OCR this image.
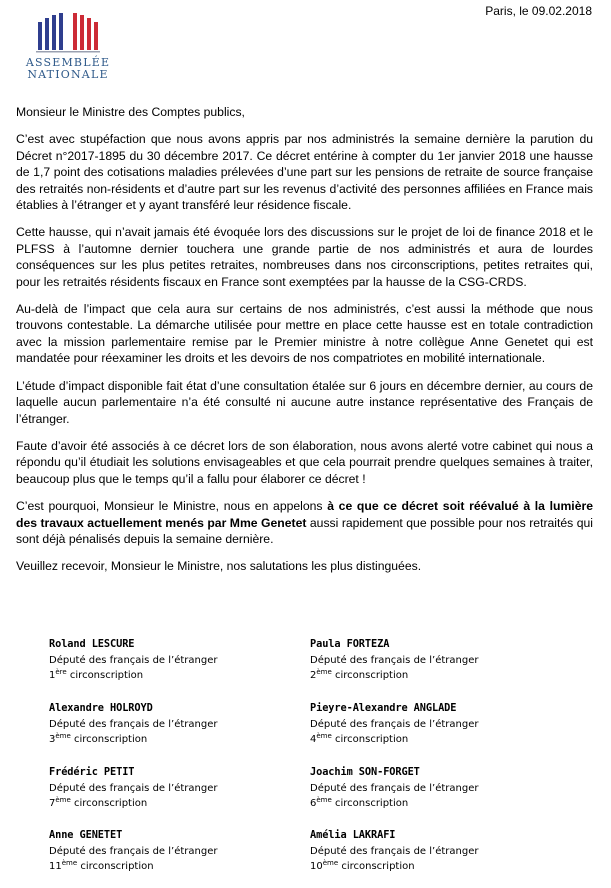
ASSEMBLÉE
NATIONALE
Paris, le 09.02.2018

Monsieur le Ministre des Comptes publics,

C’est avec stupéfaction que nous avons appris par nos administrés la semaine dernière la parution du Décret n°2017-1895 du 30 décembre 2017. Ce décret entérine à compter du 1er janvier 2018 une hausse de 1,7 point des cotisations maladies prélevées d’une part sur les pensions de retraite de source française des retraités non-résidents et d’autre part sur les revenus d’activité des personnes affiliées en France mais établies à l’étranger et y ayant transféré leur résidence fiscale.

Cette hausse, qui n’avait jamais été évoquée lors des discussions sur le projet de loi de finance 2018 et le PLFSS à l’automne dernier touchera une grande partie de nos administrés et aura de lourdes conséquences sur les plus petites retraites, nombreuses dans nos circonscriptions, petites retraites qui, pour les retraités résidents fiscaux en France sont exemptées par la hausse de la CSG-CRDS.

Au-delà de l’impact que cela aura sur certains de nos administrés, c’est aussi la méthode que nous trouvons contestable. La démarche utilisée pour mettre en place cette hausse est en totale contradiction avec la mission parlementaire remise par le Premier ministre à notre collègue Anne Genetet qui est mandatée pour réexaminer les droits et les devoirs de nos compatriotes en mobilité internationale.

L’étude d’impact disponible fait état d’une consultation étalée sur 6 jours en décembre dernier, au cours de laquelle aucun parlementaire n’a été consulté ni aucune autre instance représentative des Français de l’étranger.

Faute d’avoir été associés à ce décret lors de son élaboration, nous avons alerté votre cabinet qui nous a répondu qu’il étudiait les solutions envisageables et que cela pourrait prendre quelques semaines à traiter, beaucoup plus que le temps qu’il a fallu pour élaborer ce décret !

C’est pourquoi, Monsieur le Ministre, nous en appelons à ce que ce décret soit réévalué à la lumière des travaux actuellement menés par Mme Genetet aussi rapidement que possible pour nos retraités qui sont déjà pénalisés depuis la semaine dernière.

Veuillez recevoir, Monsieur le Ministre, nos salutations les plus distinguées.

Roland LESCURE
Député des français de l’étranger
1ère circonscription
Paula FORTEZA
Député des français de l’étranger
2ème circonscription
Alexandre HOLROYD
Député des français de l’étranger
3ème circonscription
Pieyre-Alexandre ANGLADE
Député des français de l’étranger
4ème circonscription
Frédéric PETIT
Député des français de l’étranger
7ème circonscription
Joachim SON-FORGET
Député des français de l’étranger
6ème circonscription
Anne GENETET
Député des français de l’étranger
11ème circonscription
Amélia LAKRAFI
Député des français de l’étranger
10ème circonscription
